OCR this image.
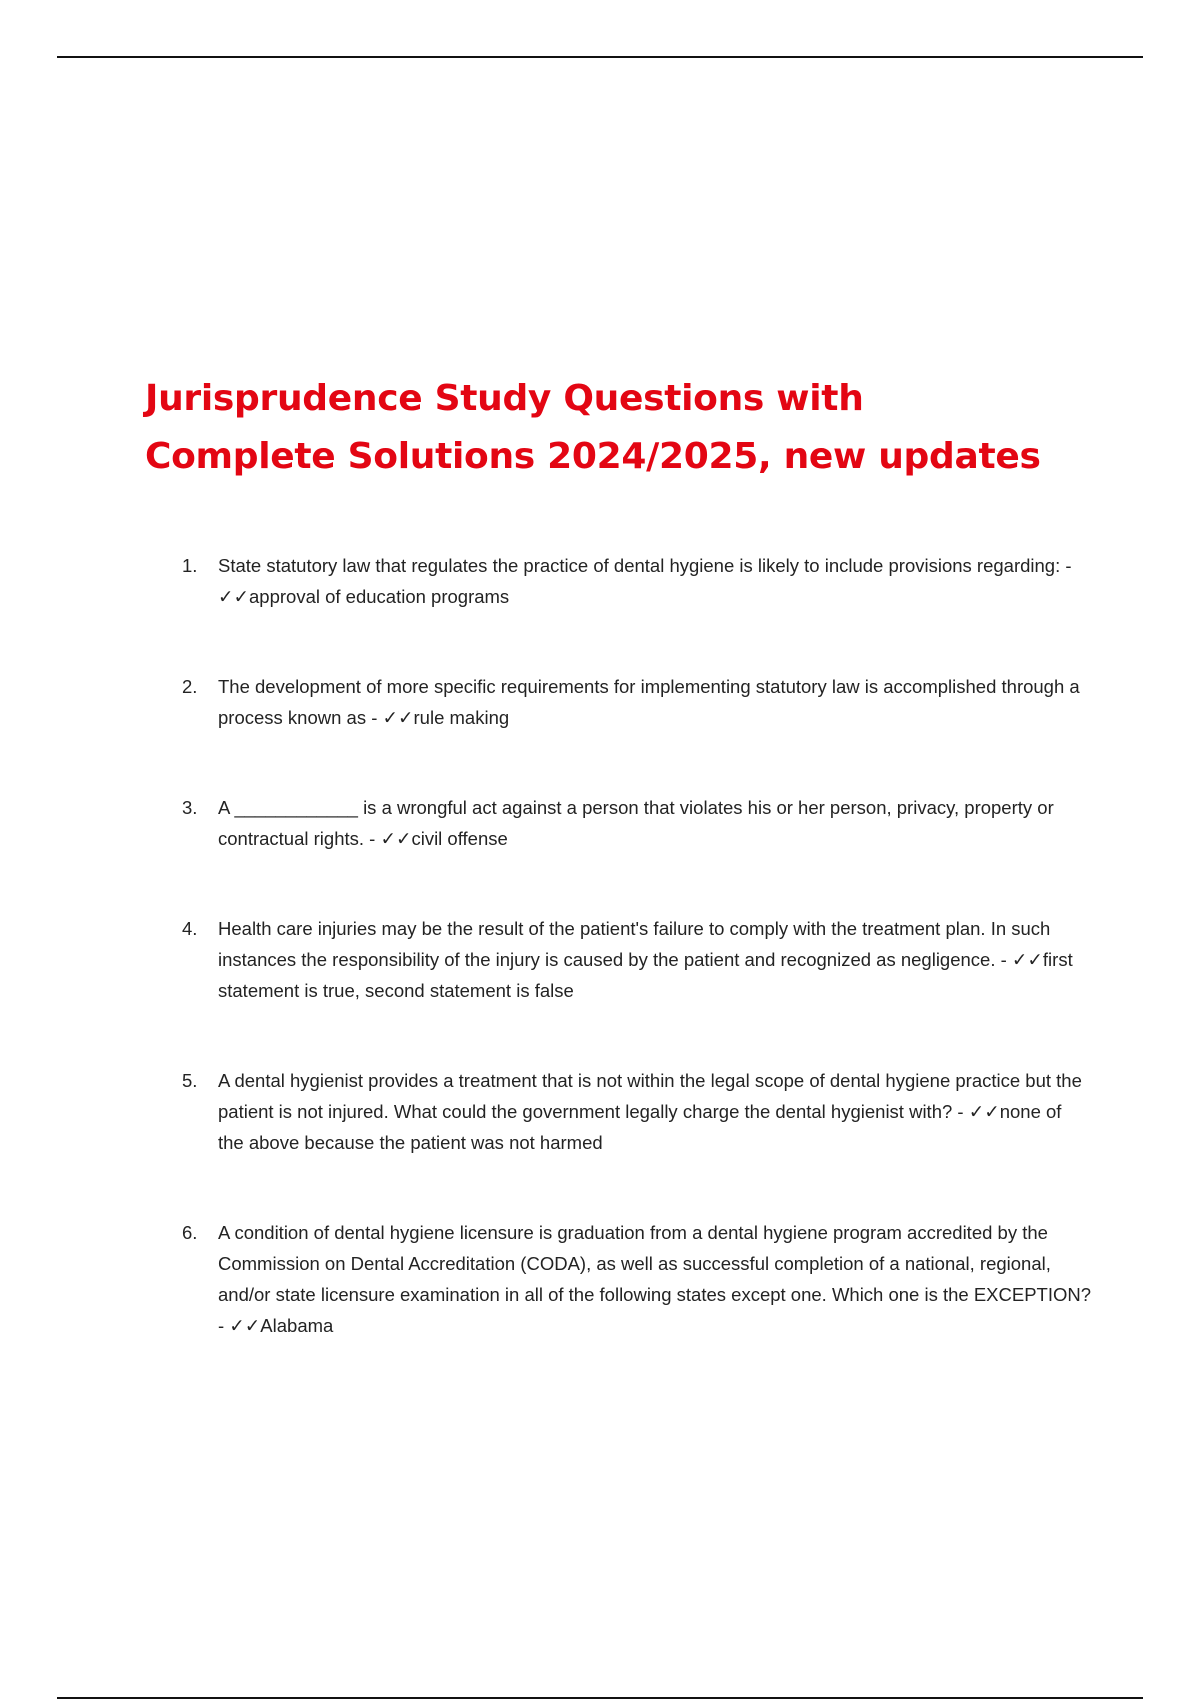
Jurisprudence Study Questions with Complete Solutions 2024/2025, new updates
1. State statutory law that regulates the practice of dental hygiene is likely to include provisions regarding: - ✓✓approval of education programs
2. The development of more specific requirements for implementing statutory law is accomplished through a process known as - ✓✓rule making
3. A ____________ is a wrongful act against a person that violates his or her person, privacy, property or contractual rights. - ✓✓civil offense
4. Health care injuries may be the result of the patient's failure to comply with the treatment plan. In such instances the responsibility of the injury is caused by the patient and recognized as negligence. - ✓✓first statement is true, second statement is false
5. A dental hygienist provides a treatment that is not within the legal scope of dental hygiene practice but the patient is not injured. What could the government legally charge the dental hygienist with? - ✓✓none of the above because the patient was not harmed
6. A condition of dental hygiene licensure is graduation from a dental hygiene program accredited by the Commission on Dental Accreditation (CODA), as well as successful completion of a national, regional, and/or state licensure examination in all of the following states except one. Which one is the EXCEPTION? - ✓✓Alabama
